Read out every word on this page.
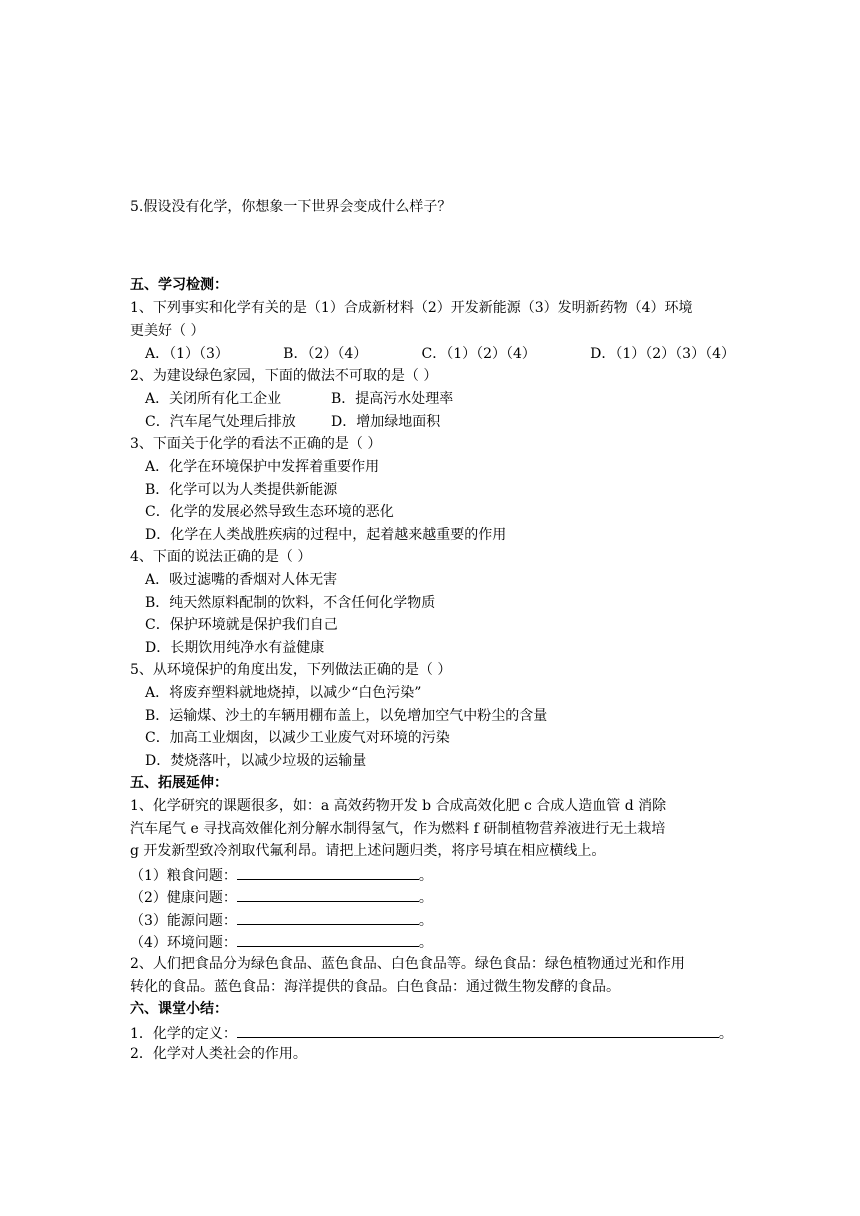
5.假设没有化学，你想象一下世界会变成什么样子？
五、学习检测：
1、下列事实和化学有关的是（1）合成新材料（2）开发新能源（3）发明新药物（4）环境
更美好（ ）
A．（1）（3）	B．（2）（4）	C．（1）（2）（4）	D．（1）（2）（3）（4）
2、为建设绿色家园，下面的做法不可取的是（ ）
A．关闭所有化工企业	B．提高污水处理率
C．汽车尾气处理后排放	D．增加绿地面积
3、下面关于化学的看法不正确的是（ ）
A．化学在环境保护中发挥着重要作用
B．化学可以为人类提供新能源
C．化学的发展必然导致生态环境的恶化
D．化学在人类战胜疾病的过程中，起着越来越重要的作用
4、下面的说法正确的是（ ）
A．吸过滤嘴的香烟对人体无害
B．纯天然原料配制的饮料，不含任何化学物质
C．保护环境就是保护我们自己
D．长期饮用纯净水有益健康
5、从环境保护的角度出发，下列做法正确的是（ ）
A．将废弃塑料就地烧掉，以减少“白色污染”
B．运输煤、沙土的车辆用棚布盖上，以免增加空气中粉尘的含量
C．加高工业烟囱，以减少工业废气对环境的污染
D．焚烧落叶，以减少垃圾的运输量
五、拓展延伸：
1、化学研究的课题很多，如：a 高效药物开发 b 合成高效化肥 c 合成人造血管 d 消除
汽车尾气 e 寻找高效催化剂分解水制得氢气，作为燃料 f 研制植物营养液进行无土栽培
g 开发新型致冷剂取代氟利昂。请把上述问题归类，将序号填在相应横线上。
（1）粮食问题：	。
（2）健康问题：	。
（3）能源问题：	。
（4）环境问题：	。
2、人们把食品分为绿色食品、蓝色食品、白色食品等。绿色食品：绿色植物通过光和作用
转化的食品。蓝色食品：海洋提供的食品。白色食品：通过微生物发酵的食品。
六、课堂小结：
1．化学的定义：	。
2．化学对人类社会的作用。
